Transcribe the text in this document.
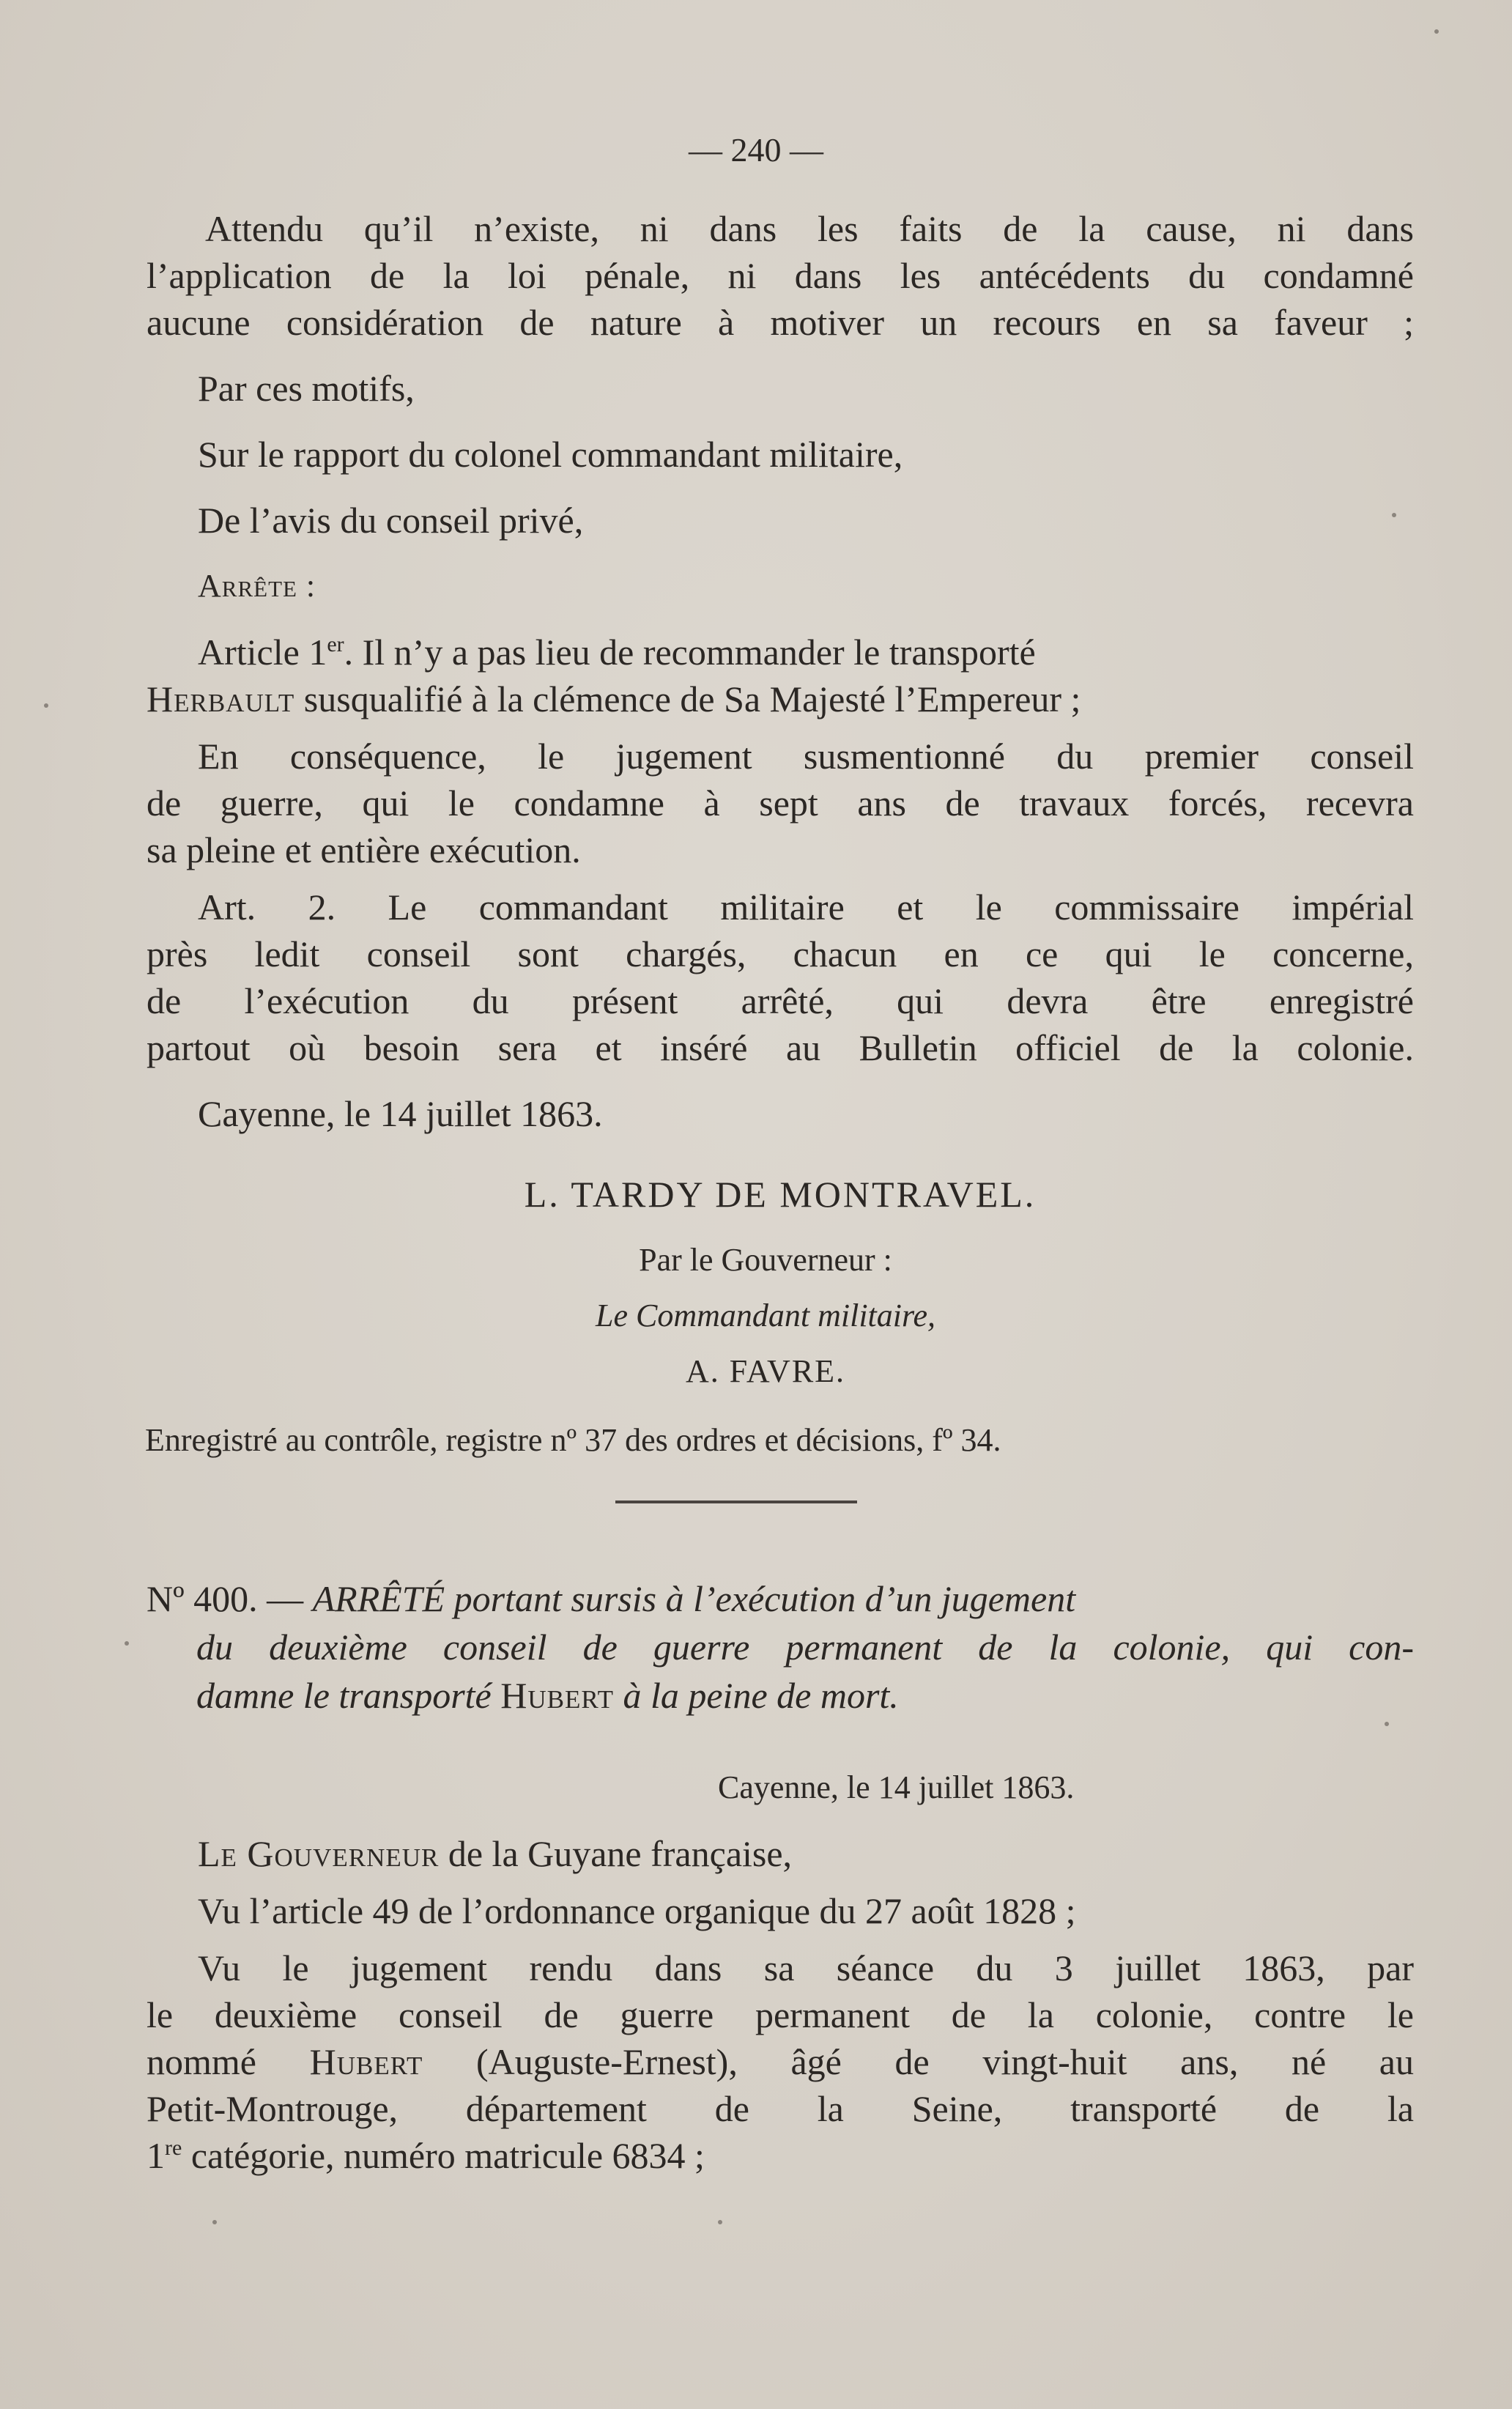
— 240 —
Attendu qu’il n’existe, ni dans les faits de la cause, ni dans
l’application de la loi pénale, ni dans les antécédents du condamné
aucune considération de nature à motiver un recours en sa faveur ;
Par ces motifs,
Sur le rapport du colonel commandant militaire,
De l’avis du conseil privé,
Arrête :
Article 1er. Il n’y a pas lieu de recommander le transporté
Herbault susqualifié à la clémence de Sa Majesté l’Empereur ;
En conséquence, le jugement susmentionné du premier conseil
de guerre, qui le condamne à sept ans de travaux forcés, recevra
sa pleine et entière exécution.
Art. 2. Le commandant militaire et le commissaire impérial
près ledit conseil sont chargés, chacun en ce qui le concerne,
de l’exécution du présent arrêté, qui devra être enregistré
partout où besoin sera et inséré au Bulletin officiel de la colonie.
Cayenne, le 14 juillet 1863.
L. TARDY DE MONTRAVEL.
Par le Gouverneur :
Le Commandant militaire,
A. FAVRE.
Enregistré au contrôle, registre nº 37 des ordres et décisions, fº 34.
Nº 400. — ARRÊTÉ portant sursis à l’exécution d’un jugement
du deuxième conseil de guerre permanent de la colonie, qui con-
damne le transporté Hubert à la peine de mort.
Cayenne, le 14 juillet 1863.
Le Gouverneur de la Guyane française,
Vu l’article 49 de l’ordonnance organique du 27 août 1828 ;
Vu le jugement rendu dans sa séance du 3 juillet 1863, par
le deuxième conseil de guerre permanent de la colonie, contre le
nommé Hubert (Auguste-Ernest), âgé de vingt-huit ans, né au
Petit-Montrouge, département de la Seine, transporté de la
1re catégorie, numéro matricule 6834 ;
